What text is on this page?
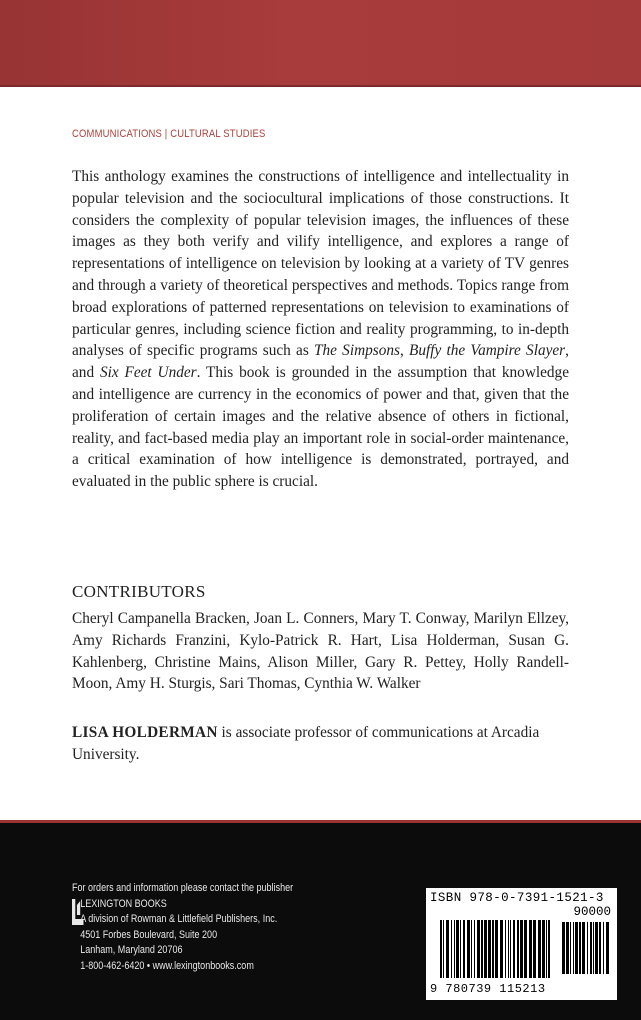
COMMUNICATIONS | CULTURAL STUDIES
This anthology examines the constructions of intelligence and intellectuality in popular television and the sociocultural implications of those constructions. It considers the complexity of popular television images, the influences of these images as they both verify and vilify intelligence, and explores a range of representations of intelligence on television by looking at a variety of TV genres and through a variety of theoretical perspectives and methods. Topics range from broad explorations of patterned representations on television to examinations of particular genres, including science fiction and reality programming, to in-depth analyses of specific programs such as The Simpsons, Buffy the Vampire Slayer, and Six Feet Under. This book is grounded in the assumption that knowledge and intelligence are currency in the economics of power and that, given that the proliferation of certain images and the relative absence of others in fictional, reality, and fact-based media play an important role in social-order maintenance, a critical examination of how intelligence is demonstrated, portrayed, and evaluated in the public sphere is crucial.
CONTRIBUTORS
Cheryl Campanella Bracken, Joan L. Conners, Mary T. Conway, Marilyn Ellzey, Amy Richards Franzini, Kylo-Patrick R. Hart, Lisa Holderman, Susan G. Kahlenberg, Christine Mains, Alison Miller, Gary R. Pettey, Holly Randell-Moon, Amy H. Sturgis, Sari Thomas, Cynthia W. Walker
LISA HOLDERMAN is associate professor of communications at Arcadia University.
For orders and information please contact the publisher
LEXINGTON BOOKS
A division of Rowman & Littlefield Publishers, Inc.
4501 Forbes Boulevard, Suite 200
Lanham, Maryland 20706
1-800-462-6420 • www.lexingtonbooks.com
ISBN 978-0-7391-1521-3
90000
9 780739 115213
